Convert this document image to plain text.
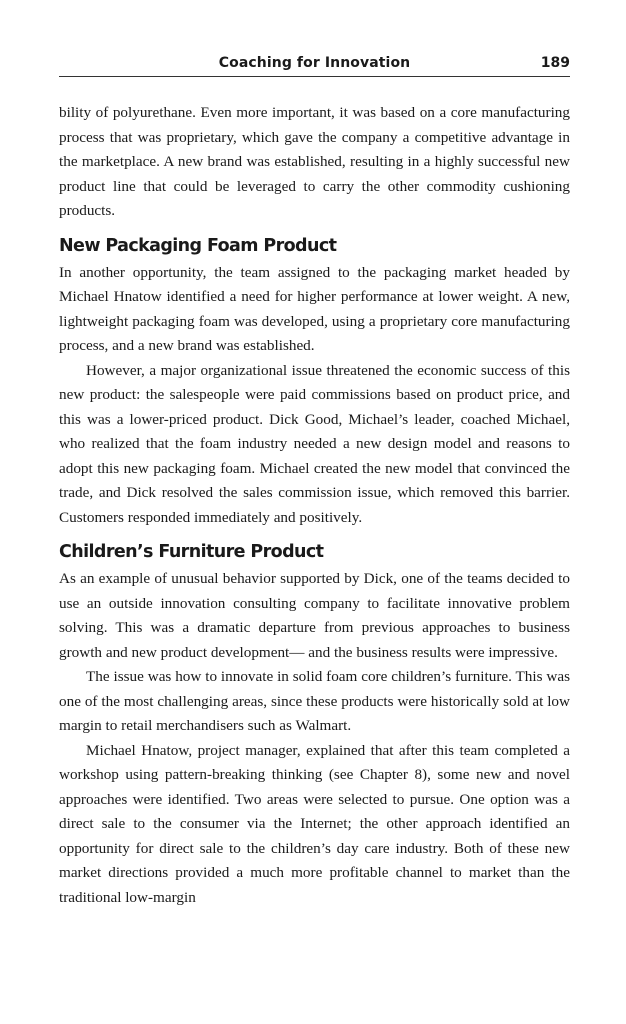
Coaching for Innovation	189

bility of polyurethane. Even more important, it was based on a core manufacturing process that was proprietary, which gave the company a competitive advantage in the marketplace. A new brand was established, resulting in a highly successful new product line that could be leveraged to carry the other commodity cushioning products.

New Packaging Foam Product

In another opportunity, the team assigned to the packaging market headed by Michael Hnatow identified a need for higher performance at lower weight. A new, lightweight packaging foam was developed, using a proprietary core manufacturing process, and a new brand was established.

However, a major organizational issue threatened the economic success of this new product: the salespeople were paid commissions based on product price, and this was a lower-priced product. Dick Good, Michael’s leader, coached Michael, who realized that the foam industry needed a new design model and reasons to adopt this new packaging foam. Michael created the new model that convinced the trade, and Dick resolved the sales commission issue, which removed this barrier. Customers responded immediately and positively.

Children’s Furniture Product

As an example of unusual behavior supported by Dick, one of the teams decided to use an outside innovation consulting company to facilitate innovative problem solving. This was a dramatic departure from previous approaches to business growth and new product development— and the business results were impressive.

The issue was how to innovate in solid foam core children’s furniture. This was one of the most challenging areas, since these products were historically sold at low margin to retail merchandisers such as Walmart.

Michael Hnatow, project manager, explained that after this team completed a workshop using pattern-breaking thinking (see Chapter 8), some new and novel approaches were identified. Two areas were selected to pursue. One option was a direct sale to the consumer via the Internet; the other approach identified an opportunity for direct sale to the children’s day care industry. Both of these new market directions provided a much more profitable channel to market than the traditional low-margin
